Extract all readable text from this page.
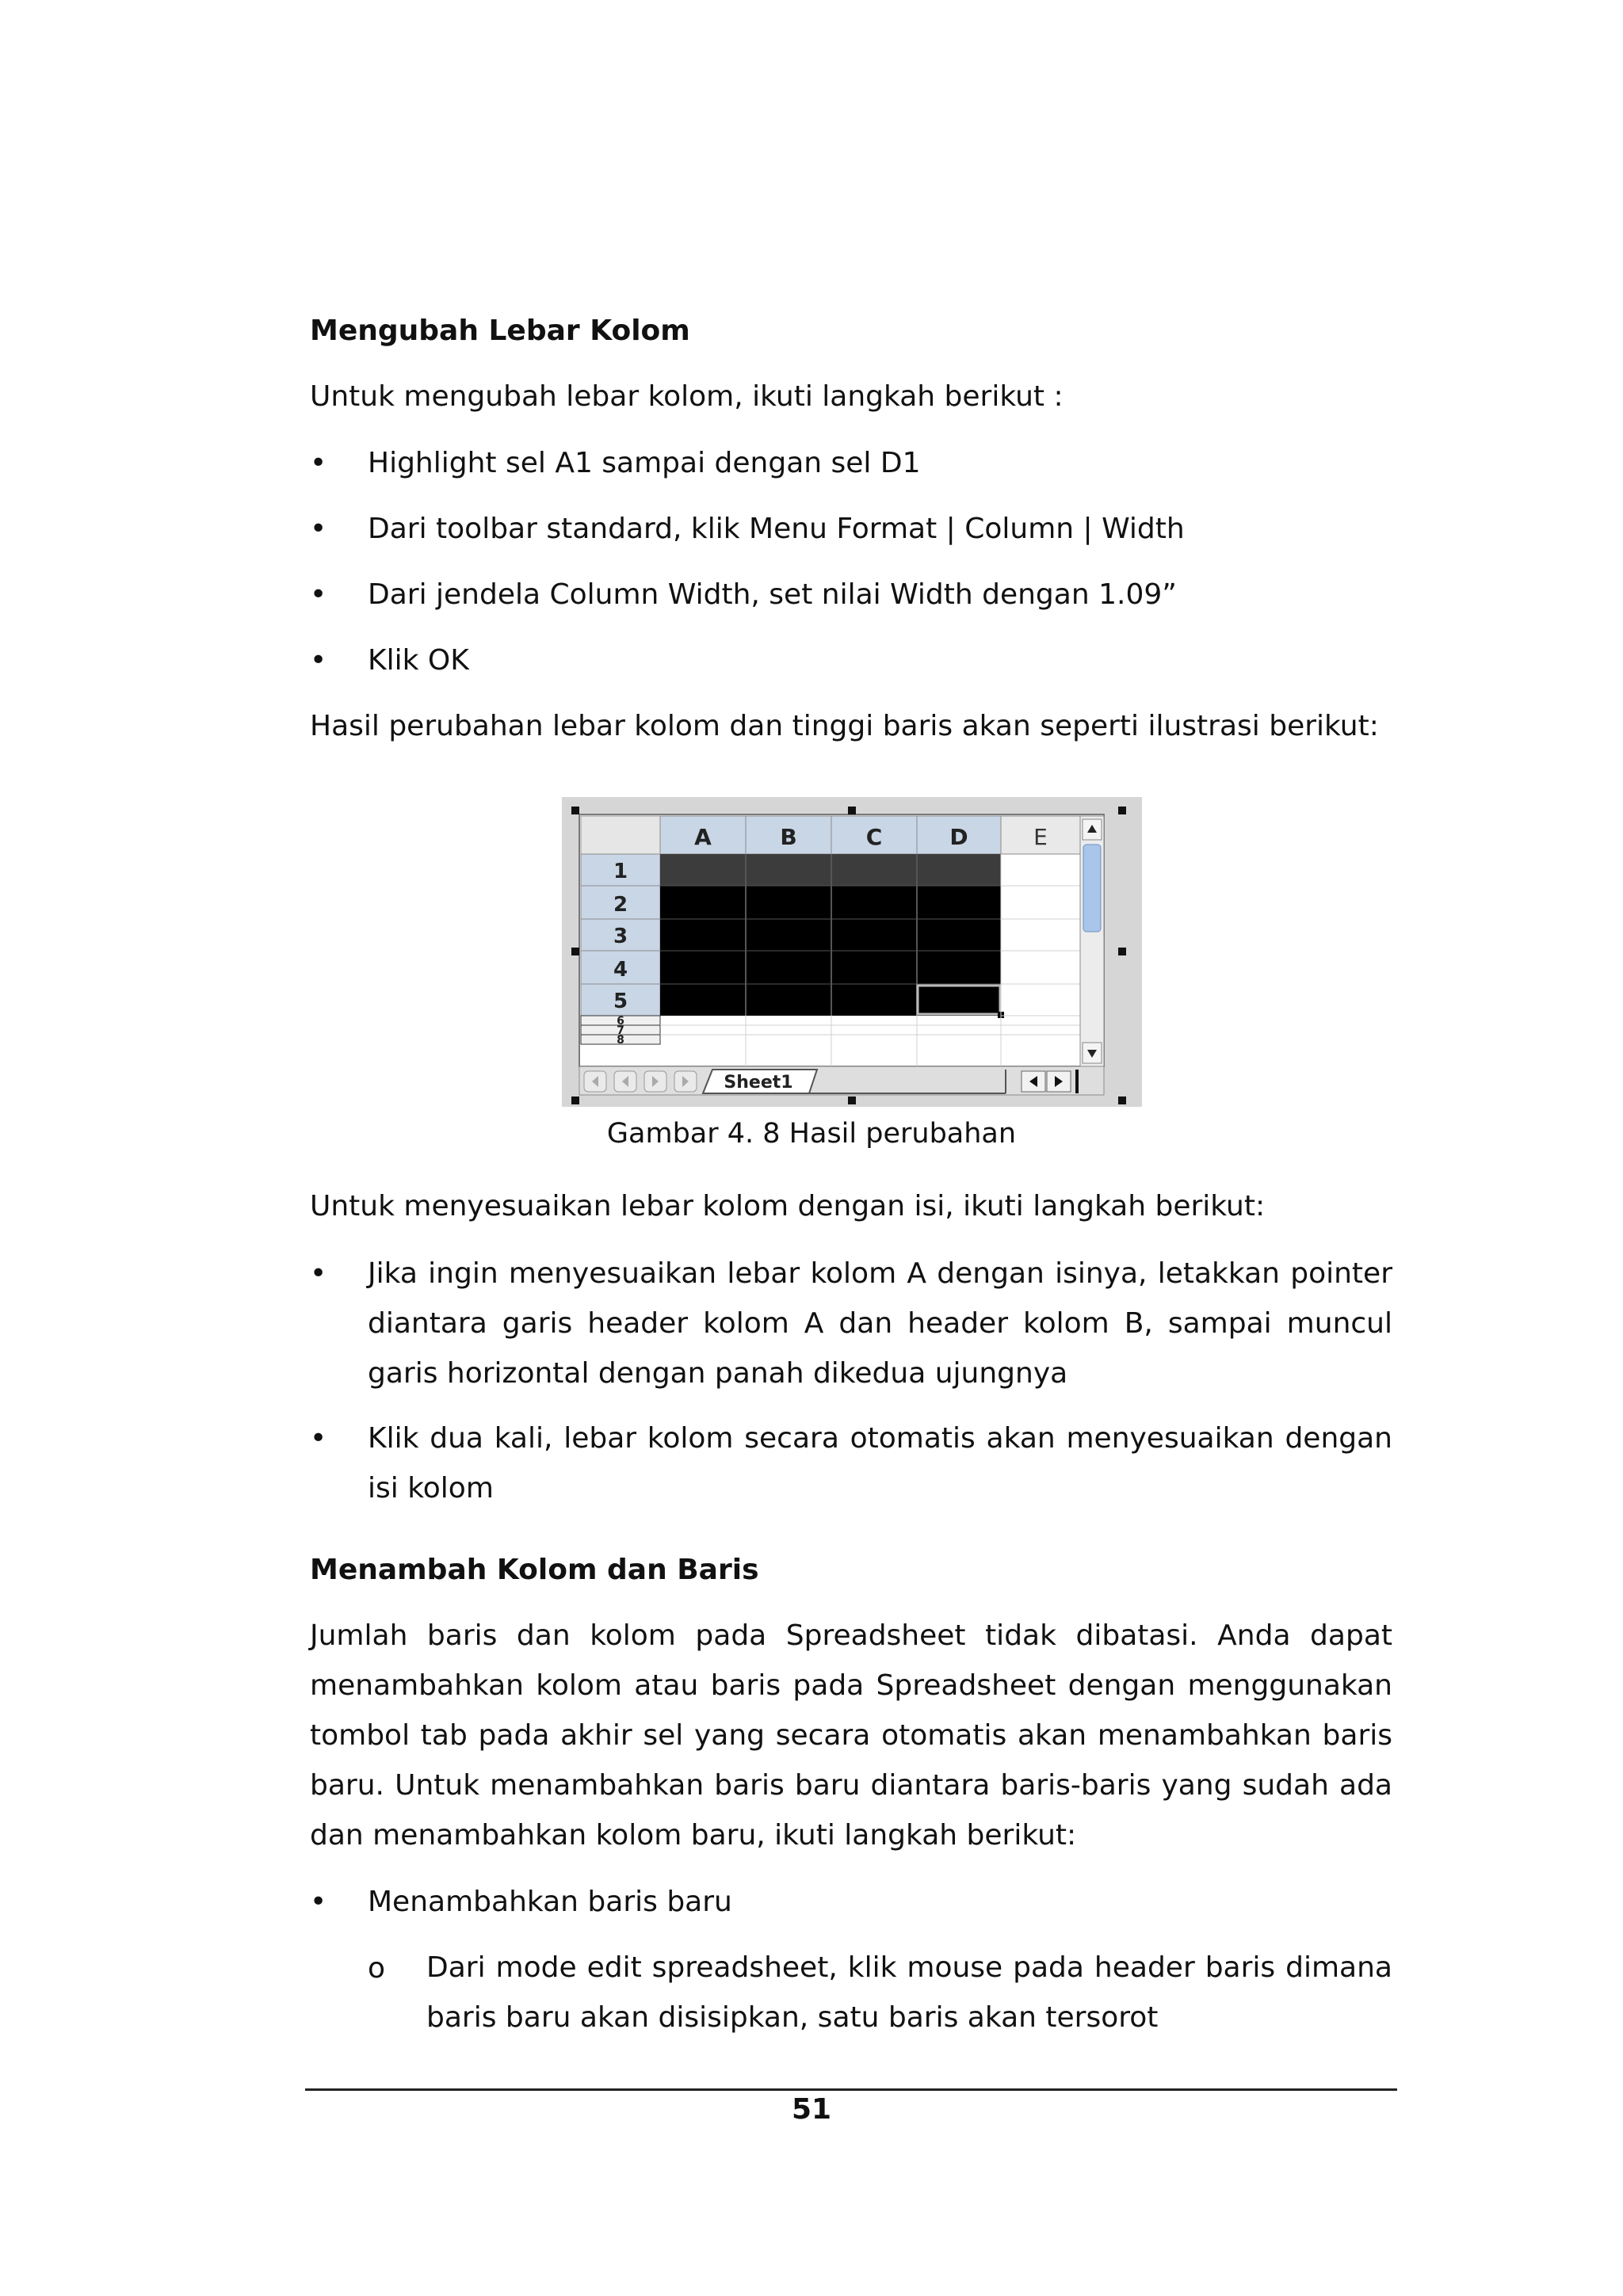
Mengubah Lebar Kolom
Untuk mengubah lebar kolom, ikuti langkah berikut :
• Highlight sel A1 sampai dengan sel D1
• Dari toolbar standard, klik Menu Format | Column | Width
• Dari jendela Column Width, set nilai Width dengan 1.09”
• Klik OK
Hasil perubahan lebar kolom dan tinggi baris akan seperti ilustrasi berikut:
A	B	C	D	E
1
2
3
4
5
6
7
8
Sheet1
Gambar 4. 8 Hasil perubahan
Untuk menyesuaikan lebar kolom dengan isi, ikuti langkah berikut:
• Jika ingin menyesuaikan lebar kolom A dengan isinya, letakkan pointer diantara garis header kolom A dan header kolom B, sampai muncul garis horizontal dengan panah dikedua ujungnya
• Klik dua kali, lebar kolom secara otomatis akan menyesuaikan dengan isi kolom
Menambah Kolom dan Baris
Jumlah baris dan kolom pada Spreadsheet tidak dibatasi. Anda dapat menambahkan kolom atau baris pada Spreadsheet dengan menggunakan tombol tab pada akhir sel yang secara otomatis akan menambahkan baris baru. Untuk menambahkan baris baru diantara baris-baris yang sudah ada dan menambahkan kolom baru, ikuti langkah berikut:
• Menambahkan baris baru
o Dari mode edit spreadsheet, klik mouse pada header baris dimana baris baru akan disisipkan, satu baris akan tersorot
51
